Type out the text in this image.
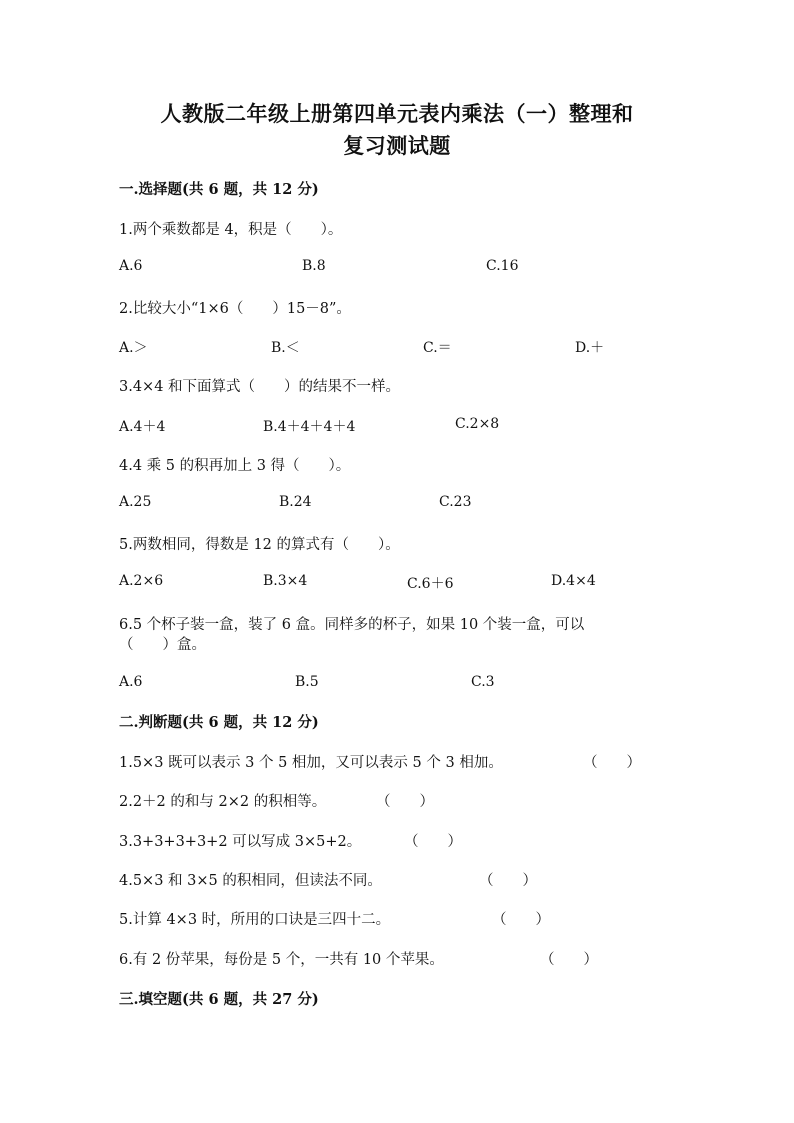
人教版二年级上册第四单元表内乘法（一）整理和
复习测试题
一.选择题(共 6 题，共 12 分)
1.两个乘数都是 4，积是（　　）。
A.6	B.8	C.16
2.比较大小“1×6（　　）15－8”。
A.＞	B.＜	C.＝	D.＋
3.4×4 和下面算式（　　）的结果不一样。
A.4＋4	B.4＋4＋4＋4	C.2×8
4.4 乘 5 的积再加上 3 得（　　）。
A.25	B.24	C.23
5.两数相同，得数是 12 的算式有（　　）。
A.2×6	B.3×4	C.6＋6	D.4×4
6.5 个杯子装一盒，装了 6 盒。同样多的杯子，如果 10 个装一盒，可以
（　　）盒。
A.6	B.5	C.3
二.判断题(共 6 题，共 12 分)
1.5×3 既可以表示 3 个 5 相加，又可以表示 5 个 3 相加。	（　　）
2.2＋2 的和与 2×2 的积相等。	（　　）
3.3+3+3+3+2 可以写成 3×5+2。	（　　）
4.5×3 和 3×5 的积相同，但读法不同。	（　　）
5.计算 4×3 时，所用的口诀是三四十二。	（　　）
6.有 2 份苹果，每份是 5 个，一共有 10 个苹果。	（　　）
三.填空题(共 6 题，共 27 分)
